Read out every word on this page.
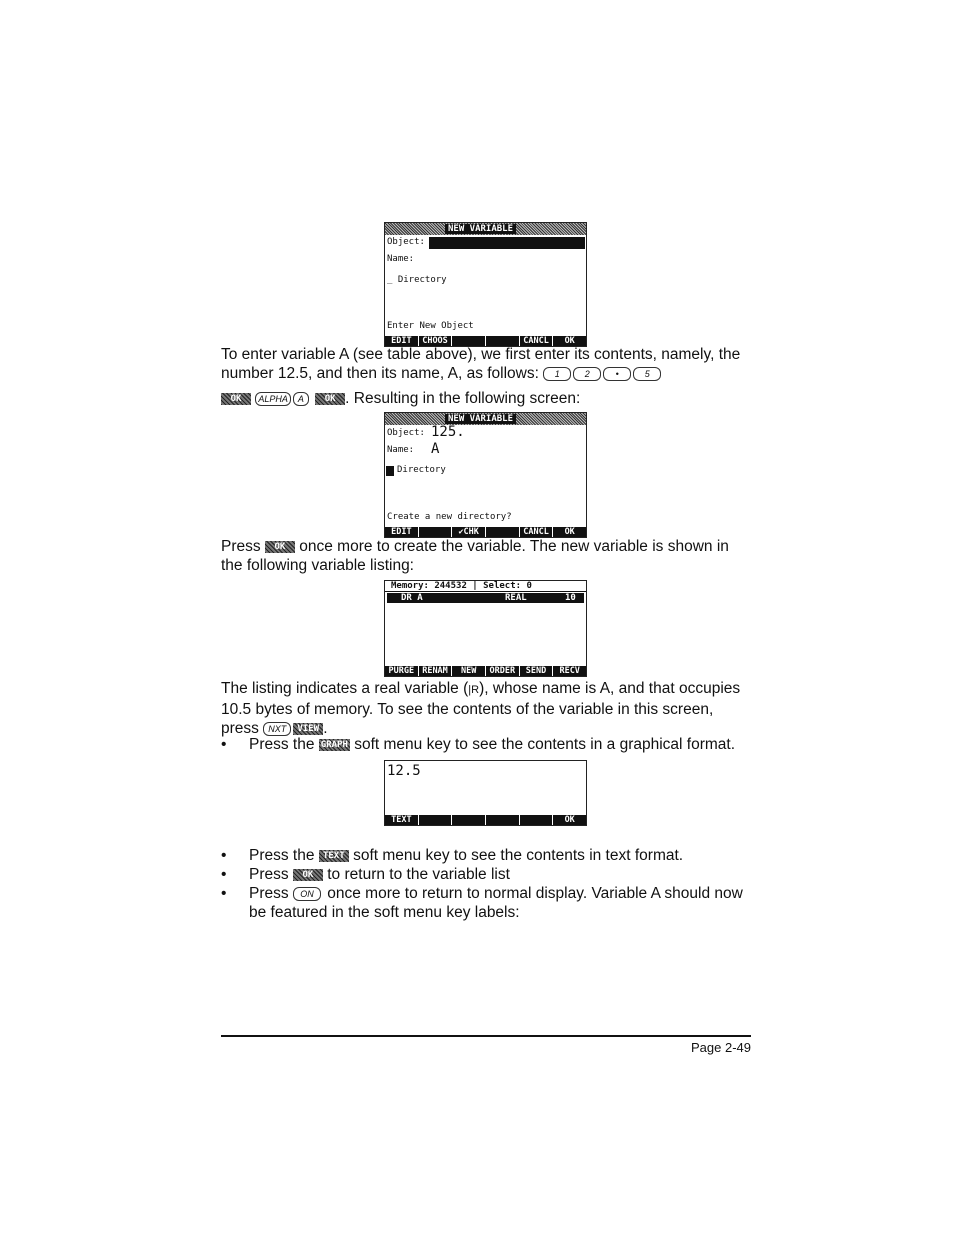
NEW VARIABLE
Object:
Name:
_ Directory
Enter New Object
EDIT	CHOOS	CANCL	OK
To enter variable A (see table above), we first enter its contents, namely, the number 12.5, and then its name, A, as follows: 1	2	•	5
OK ALPHA A OK . Resulting in the following screen:
NEW VARIABLE
Object: 125.
Name: A
Directory
Create a new directory?
EDIT	✔CHK	CANCL	OK
Press OK once more to create the variable. The new variable is shown in the following variable listing:
Memory: 244532 | Select: 0
DR A	REAL	10
PURGE RENAM	NEW	ORDER	SEND	RECV
The listing indicates a real variable (|R), whose name is A, and that occupies 10.5 bytes of memory. To see the contents of the variable in this screen, press NXT VIEW .
• Press the GRAPH soft menu key to see the contents in a graphical format.
12.5
TEXT	OK
• Press the TEXT soft menu key to see the contents in text format.
• Press OK to return to the variable list
• Press ON once more to return to normal display. Variable A should now be featured in the soft menu key labels:
Page 2-49
